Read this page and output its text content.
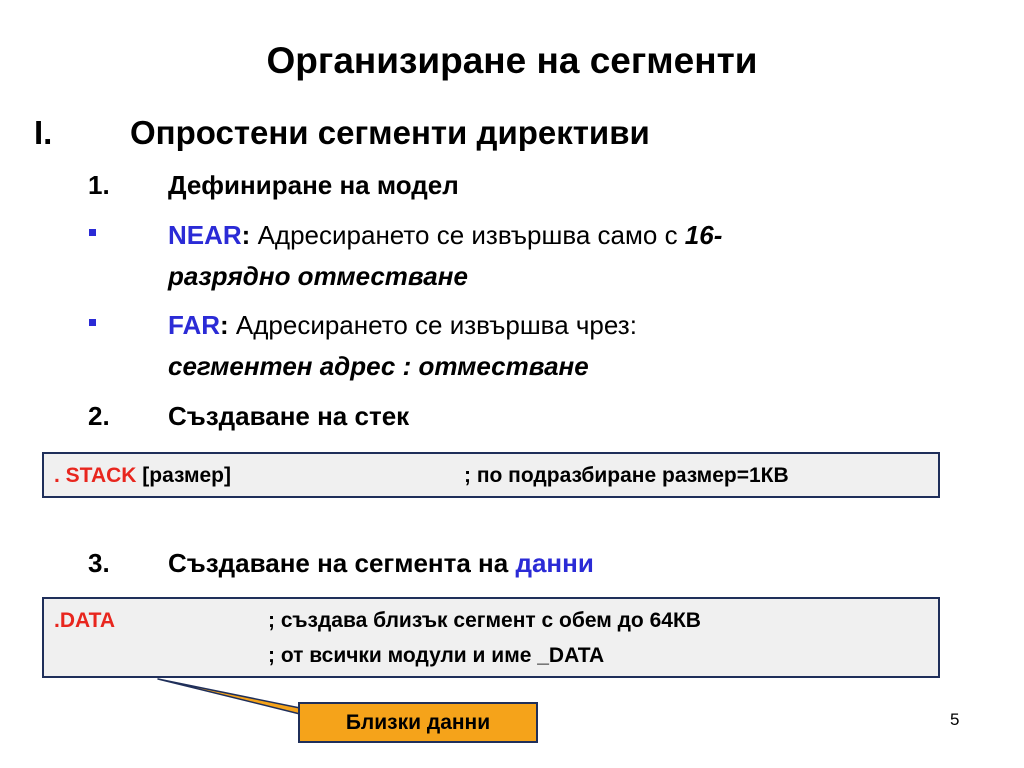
Организиране на сегменти
I. Опростени сегменти директиви
1. Дефиниране на модел
NEAR: Адресирането се извършва само с 16-
разрядно отместване
FAR: Адресирането се извършва чрез:
сегментен адрес : отместване
2. Създаване на стек
. STACK [размер]	; по подразбиране размер=1КВ
3. Създаване на сегмента на данни
.DATA	; създава близък сегмент с обем до 64КВ
; от всички модули и име _DATA
Близки данни	5
